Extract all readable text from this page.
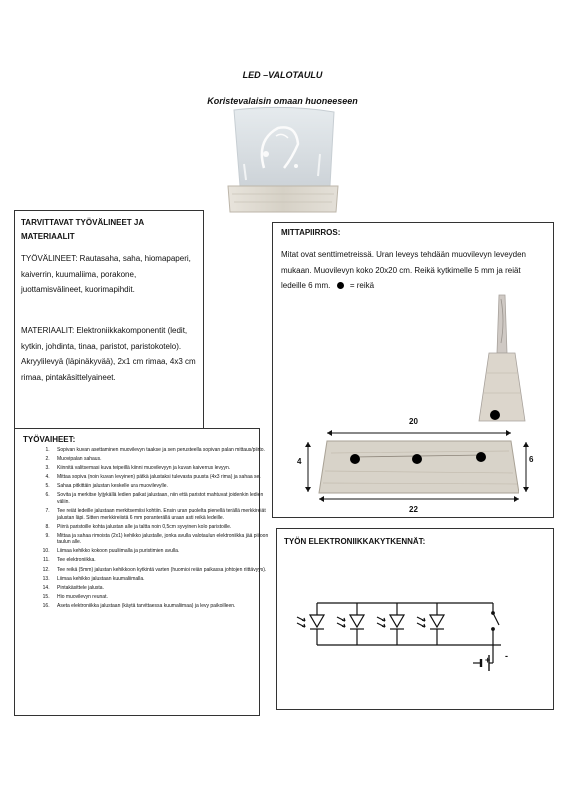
LED –VALOTAULU
Koristevalaisin omaan huoneeseen
TARVITTAVAT TYÖVÄLINEET JA MATERIAALIT
TYÖVÄLINEET: Rautasaha, saha, hiomapaperi, kaiverrin, kuumaliima, porakone, juottamisvälineet, kuorimapihdit.
MATERIAALIT: Elektroniikkakomponentit (ledit, kytkin, johdinta, tinaa, paristot, paristokotelo). Akryylilevyä (läpinäkyvää), 2x1 cm rimaa, 4x3 cm rimaa, pintakäsittelyaineet.
TYÖVAIHEET:
1. Sopivan kuvan asettaminen muovilevyn taakse ja sen perusteella sopivan palan mittaus/piirto.
2. Muovipalan sahaus.
3. Kiinnitä valitsemasi kuva teipeillä kiinni muovilevyyn ja kuvan kaiverrus levyyn.
4. Mittaa sopiva (noin kuvan levyinen) pätkä jalustaksi tulevasta puusta (4x3 rima) ja sahaa se.
5. Sahaa pitkittäin jalustan keskelle ura muovilevylle.
6. Sovita ja merkitse lyijykällä ledien paikat jalustaan, niin että paristot mahtuvat joidenkin ledien väliin.
7. Tee reiät ledeille jalustaan merkitsemiisi kohtiin. Ensin uran puolelta pienellä terällä merkkireiät jalustan läpi. Sitten merkkireiistä 6 mm poranterällä uraan asti reikä ledeille.
8. Piirrä paristoille kohta jalustan alle ja taltta noin 0,5cm syvyinen kolo paristoille.
9. Mittaa ja sahaa rimoista (2x1) kehikko jalustalle, jonka avulla valotaulun elektroniikka jää piiloon taulun alle.
10. Liimaa kehikko kokoon puuliimalla ja puristimien avulla.
11. Tee elektroniikka.
12. Tee reikä (5mm) jalustan kehikkoon kytkintä varten (huomioi reiän paikassa johtojen riittävyys).
13. Liimaa kehikko jalustaan kuumaliimalla.
14. Pintakäsittele jalusta.
15. Hio muovilevyn reunat.
16. Aseta elektroniikka jalustaan (käytä tarvittaessa kuumaliimaa) ja levy paikoilleen.
MITTAPIIRROS:
Mitat ovat senttimetreissä. Uran leveys tehdään muovilevyn leveyden mukaan. Muovilevyn koko 20x20 cm. Reikä kytkimelle 5 mm ja reiät ledeille 6 mm. = reikä
20
4	6
22
TYÖN ELEKTRONIIKKAKYTKENNÄT:
+ -
